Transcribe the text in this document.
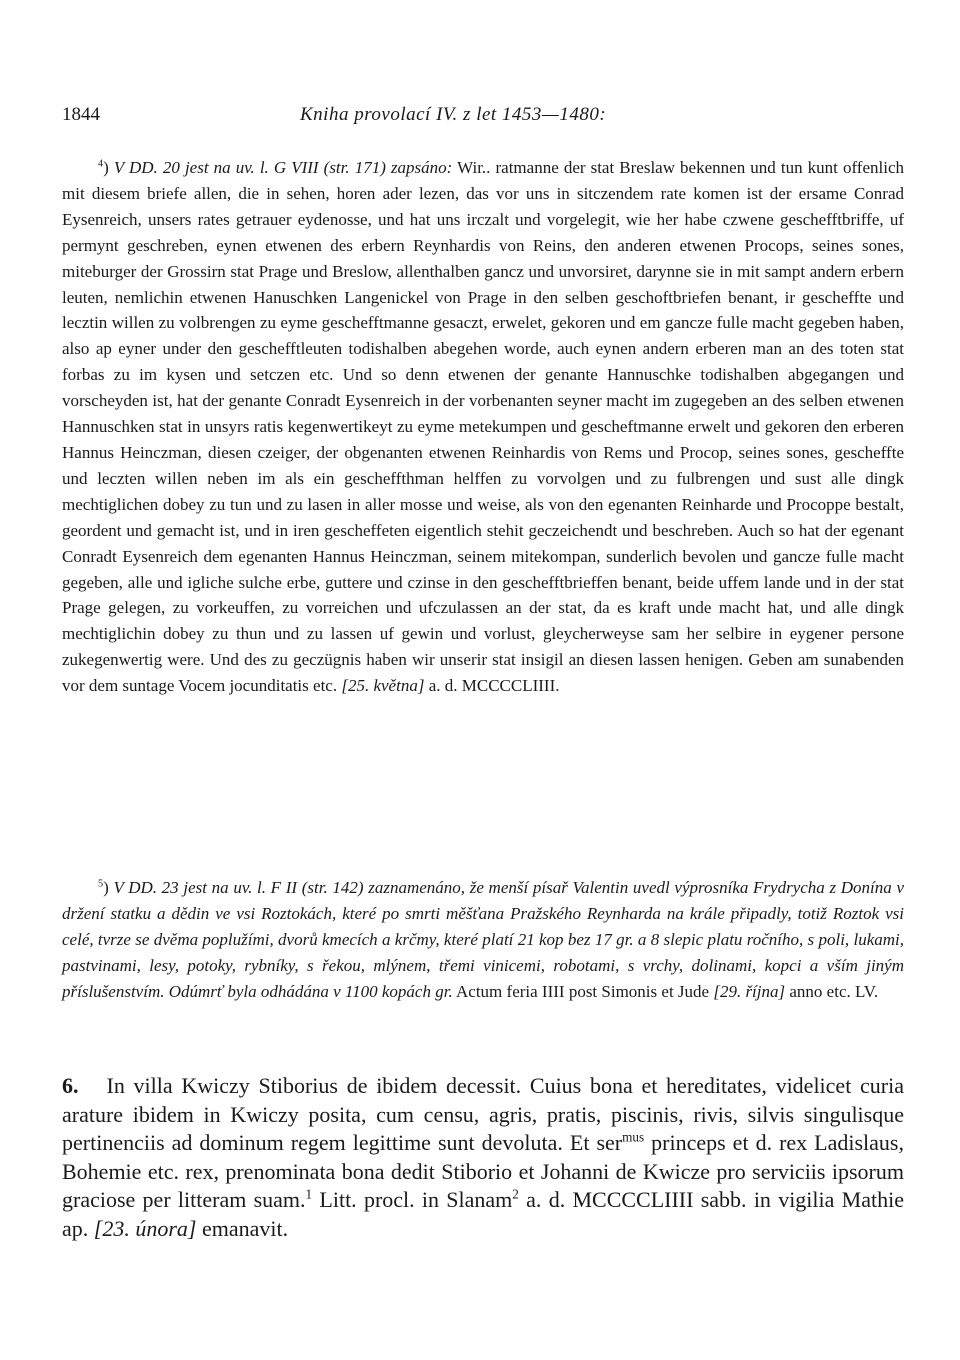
1844	Kniha provolací IV. z let 1453—1480:

$^4$) V DD. 20 jest na uv. l. G VIII (str. 171) zapsáno: Wir.. ratmanne der stat Breslaw bekennen und tun kunt offenlich mit diesem briefe allen, die in sehen, horen ader lezen, das vor uns in sitczendem rate komen ist der ersame Conrad Eysenreich, unsers rates getrauer eydenosse, und hat uns irczalt und vorgelegit, wie her habe czwene geschefftbriffe, uf permynt geschreben, eynen etwenen des erbern Reynhardis von Reins, den anderen etwenen Procops, seines sones, miteburger der Grossirn stat Prage und Breslow, allenthalben gancz und unvorsiret, darynne sie in mit sampt andern erbern leuten, nemlichin etwenen Hanuschken Langenickel von Prage in den selben geschoftbriefen benant, ir gescheffte und lecztin willen zu volbrengen zu eyme geschefftmanne gesaczt, erwelet, gekoren und em gancze fulle macht gegeben haben, also ap eyner under den geschefftleuten todishalben abegehen worde, auch eynen andern erberen man an des toten stat forbas zu im kysen und setczen etc. Und so denn etwenen der genante Hannuschke todishalben abgegangen und vorscheyden ist, hat der genante Conradt Eysenreich in der vorbenanten seyner macht im zugegeben an des selben etwenen Hannuschken stat in unsyrs ratis kegenwertikeyt zu eyme metekumpen und gescheftmanne erwelt und gekoren den erberen Hannus Heinczman, diesen czeiger, der obgenanten etwenen Reinhardis von Rems und Procop, seines sones, gescheffte und leczten willen neben im als ein gescheffthman helffen zu vorvolgen und zu fulbrengen und sust alle dingk mechtiglichen dobey zu tun und zu lasen in aller mosse und weise, als von den egenanten Reinharde und Procoppe bestalt, geordent und gemacht ist, und in iren gescheffeten eigentlich stehit geczeichendt und beschreben. Auch so hat der egenant Conradt Eysenreich dem egenanten Hannus Heinczman, seinem mitekompan, sunderlich bevolen und gancze fulle macht gegeben, alle und igliche sulche erbe, guttere und czinse in den geschefftbrieffen benant, beide uffem lande und in der stat Prage gelegen, zu vorkeuffen, zu vorreichen und ufczulassen an der stat, da es kraft unde macht hat, und alle dingk mechtiglichin dobey zu thun und zu lassen uf gewin und vorlust, gleycherweyse sam her selbire in eygener persone zukegenwertig were. Und des zu geczügnis haben wir unserir stat insigil an diesen lassen henigen. Geben am sunabenden vor dem suntage Vocem jocunditatis etc. [25. května] a. d. MCCCCLIIII.

$^5$) V DD. 23 jest na uv. l. F II (str. 142) zaznamenáno, že menší písař Valentin uvedl výprosníka Frydrycha z Donína v držení statku a dědin ve vsi Roztokách, které po smrti měšťana Pražského Reynharda na krále připadly, totiž Roztok vsi celé, tvrze se dvěma poplužími, dvorů kmecích a krčmy, které platí 21 kop bez 17 gr. a 8 slepic platu ročního, s poli, lukami, pastvinami, lesy, potoky, rybníky, s řekou, mlýnem, třemi vinicemi, robotami, s vrchy, dolinami, kopci a vším jiným příslušenstvím. Odúmrť byla odhádána v 1100 kopách gr. Actum feria IIII post Simonis et Jude [29. října] anno etc. LV.

6. In villa Kwiczy Stiborius de ibidem decessit. Cuius bona et hereditates, videlicet curia arature ibidem in Kwiczy posita, cum censu, agris, pratis, piscinis, rivis, silvis singulisque pertinenciis ad dominum regem legittime sunt devoluta. Et ser$^{mus}$ princeps et d. rex Ladislaus, Bohemie etc. rex, prenominata bona dedit Stiborio et Johanni de Kwicze pro serviciis ipsorum graciose per litteram suam.$^1$ Litt. procl. in Slanam$^2$ a. d. MCCCCLIIII sabb. in vigilia Mathie ap. [23. února] emanavit.
